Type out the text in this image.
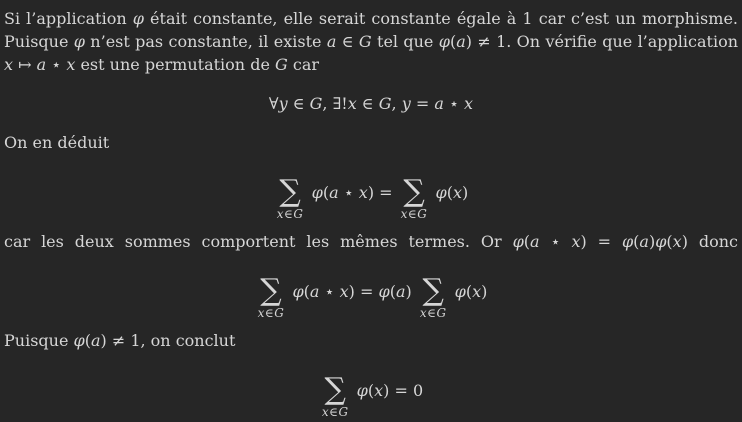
Si l’application φ était constante, elle serait constante égale à 1 car c’est un morphisme. Puisque φ n’est pas constante, il existe a ∈ G tel que φ(a) ≠ 1. On vérifie que l’application x ↦ a ⋆ x est une permutation de G car

∀ y ∈ G , ∃! x ∈ G , y = a ⋆ x

On en déduit

∑
x∈G

φ ( a ⋆ x ) = ∑
x∈G

φ ( x )

car les deux sommes comportent les mêmes termes. Or φ(a ⋆ x) = φ(a)φ(x) donc

∑
x∈G

φ ( a ⋆ x ) = φ ( a ) ∑
x∈G

φ ( x )

Puisque φ(a) ≠ 1, on conclut

∑
x∈G

φ ( x ) = 0
